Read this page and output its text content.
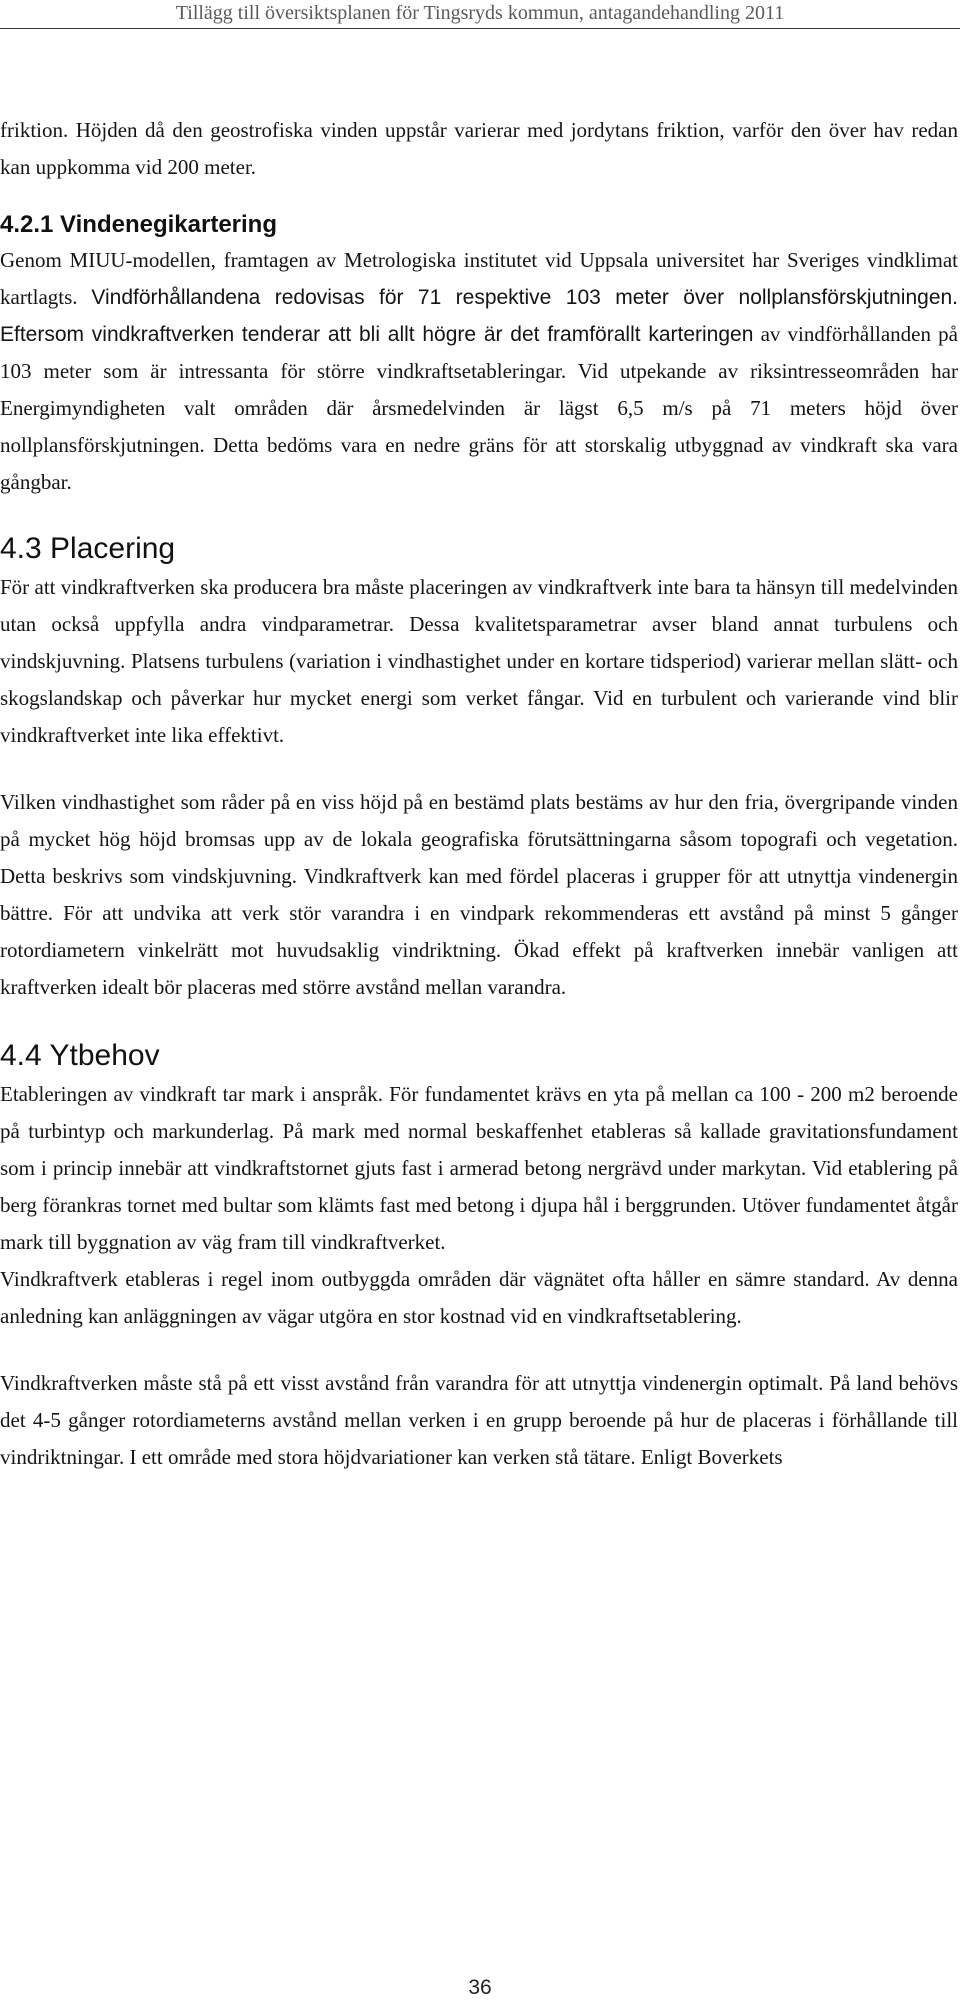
Tillägg till översiktsplanen för Tingsryds kommun, antagandehandling 2011

friktion. Höjden då den geostrofiska vinden uppstår varierar med jordytans friktion, varför den över hav redan kan uppkomma vid 200 meter.

4.2.1 Vindenegikartering

Genom MIUU-modellen, framtagen av Metrologiska institutet vid Uppsala universitet har Sveriges vindklimat kartlagts. Vindförhållandena redovisas för 71 respektive 103 meter över nollplansförskjutningen. Eftersom vindkraftverken tenderar att bli allt högre är det framförallt karteringen av vindförhållanden på 103 meter som är intressanta för större vindkraftsetableringar. Vid utpekande av riksintresseområden har Energimyndigheten valt områden där årsmedelvinden är lägst 6,5 m/s på 71 meters höjd över nollplansförskjutningen. Detta bedöms vara en nedre gräns för att storskalig utbyggnad av vindkraft ska vara gångbar.

4.3 Placering

För att vindkraftverken ska producera bra måste placeringen av vindkraftverk inte bara ta hänsyn till medelvinden utan också uppfylla andra vindparametrar. Dessa kvalitetsparametrar avser bland annat turbulens och vindskjuvning. Platsens turbulens (variation i vindhastighet under en kortare tidsperiod) varierar mellan slätt- och skogslandskap och påverkar hur mycket energi som verket fångar. Vid en turbulent och varierande vind blir vindkraftverket inte lika effektivt.

Vilken vindhastighet som råder på en viss höjd på en bestämd plats bestäms av hur den fria, övergripande vinden på mycket hög höjd bromsas upp av de lokala geografiska förutsättningarna såsom topografi och vegetation. Detta beskrivs som vindskjuvning. Vindkraftverk kan med fördel placeras i grupper för att utnyttja vindenergin bättre. För att undvika att verk stör varandra i en vindpark rekommenderas ett avstånd på minst 5 gånger rotordiametern vinkelrätt mot huvudsaklig vindriktning. Ökad effekt på kraftverken innebär vanligen att kraftverken idealt bör placeras med större avstånd mellan varandra.

4.4 Ytbehov

Etableringen av vindkraft tar mark i anspråk. För fundamentet krävs en yta på mellan ca 100 - 200 m2 beroende på turbintyp och markunderlag. På mark med normal beskaffenhet etableras så kallade gravitationsfundament som i princip innebär att vindkraftstornet gjuts fast i armerad betong nergrävd under markytan. Vid etablering på berg förankras tornet med bultar som klämts fast med betong i djupa hål i berggrunden. Utöver fundamentet åtgår mark till byggnation av väg fram till vindkraftverket.

Vindkraftverk etableras i regel inom outbyggda områden där vägnätet ofta håller en sämre standard. Av denna anledning kan anläggningen av vägar utgöra en stor kostnad vid en vindkraftsetablering.

Vindkraftverken måste stå på ett visst avstånd från varandra för att utnyttja vindenergin optimalt. På land behövs det 4-5 gånger rotordiameterns avstånd mellan verken i en grupp beroende på hur de placeras i förhållande till vindriktningar. I ett område med stora höjdvariationer kan verken stå tätare. Enligt Boverkets

36
